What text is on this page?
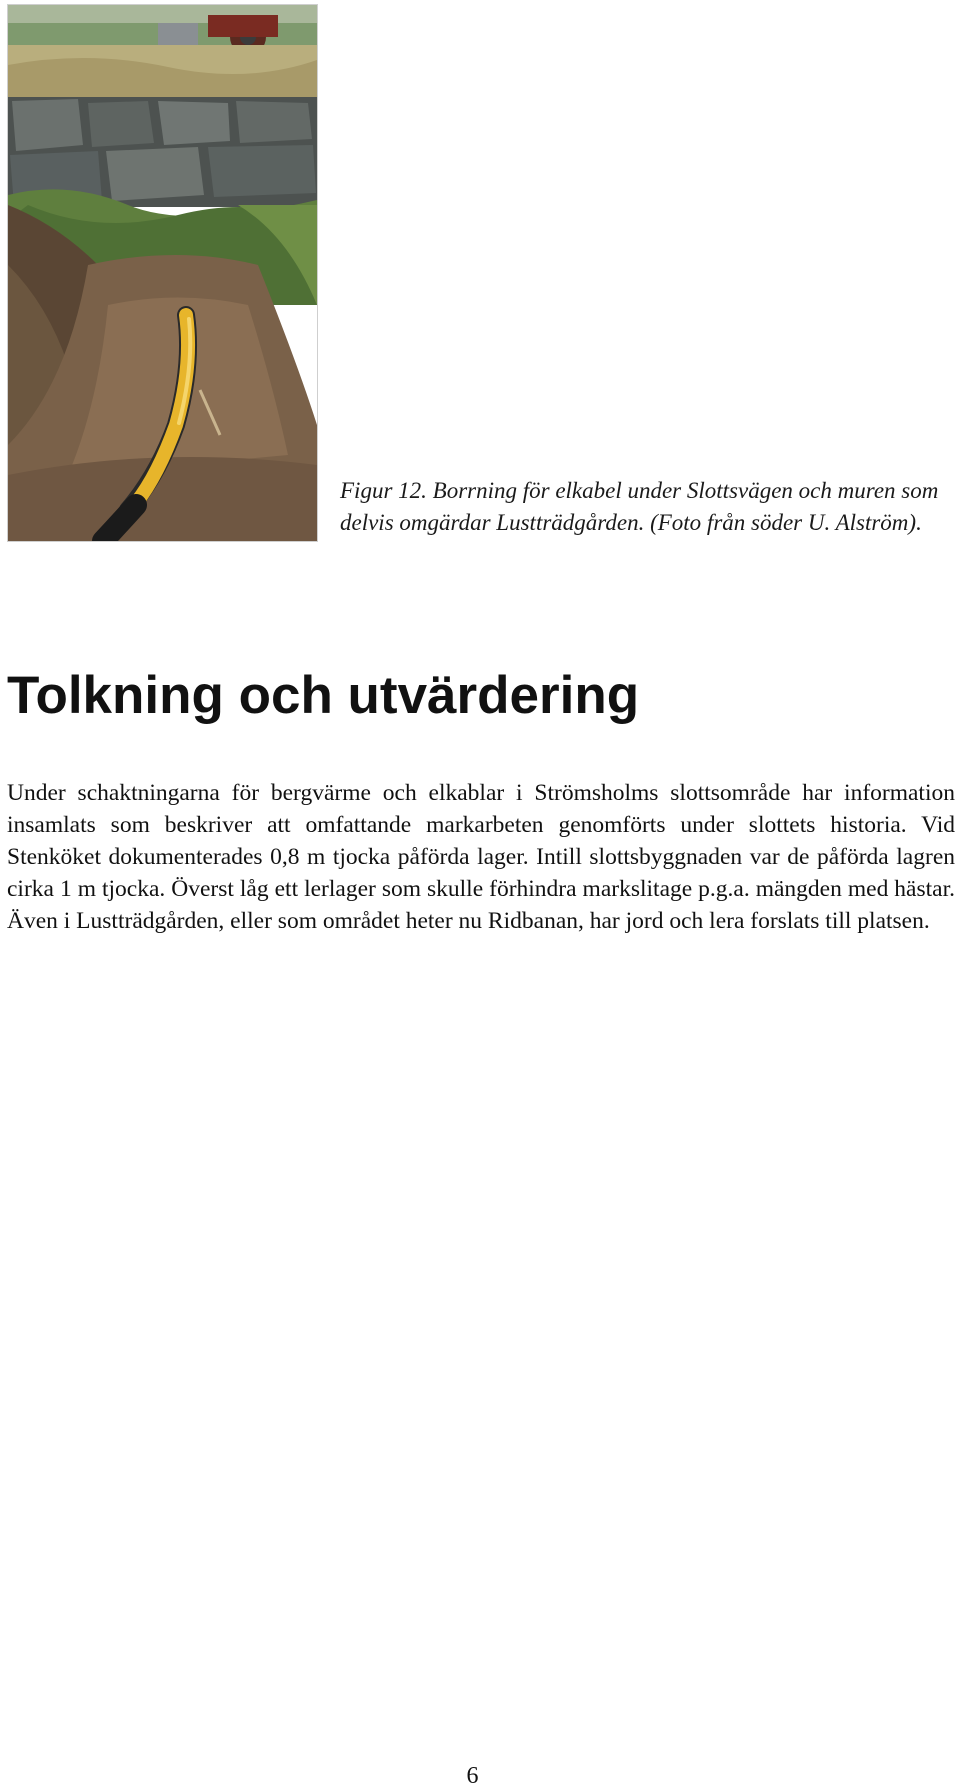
Figur 12. Borrning för elkabel under Slottsvägen och muren som delvis omgärdar Lustträdgården. (Foto från söder U. Alström).
Tolkning och utvärdering

Under schaktningarna för bergvärme och elkablar i Strömsholms slottsområde har information insamlats som beskriver att omfattande markarbeten genomförts under slottets historia. Vid Stenköket dokumenterades 0,8 m tjocka påförda lager. Intill slottsbyggnaden var de påförda lagren cirka 1 m tjocka. Överst låg ett lerlager som skulle förhindra markslitage p.g.a. mängden med hästar. Även i Lustträdgården, eller som området heter nu Ridbanan, har jord och lera forslats till platsen.

6
